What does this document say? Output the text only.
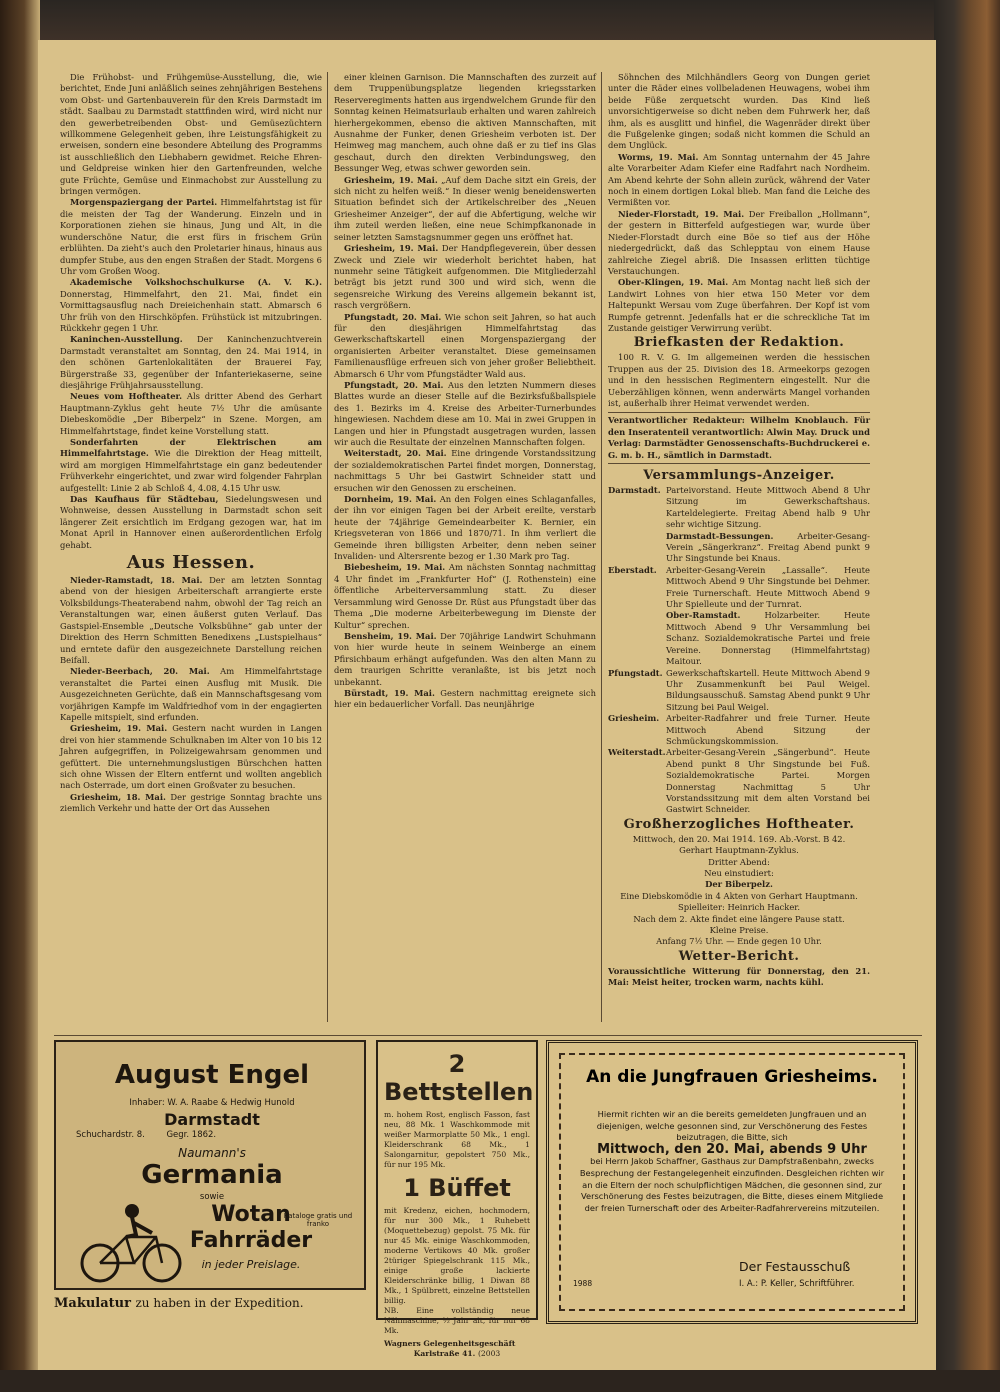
Die Frühobst- und Frühgemüse-Ausstellung, die, wie berichtet, Ende Juni anläßlich seines zehnjährigen Bestehens vom Obst- und Gartenbauverein für den Kreis Darmstadt im städt. Saalbau zu Darmstadt stattfinden wird, wird nicht nur den gewerbetreibenden Obst- und Gemüsezüchtern willkommene Gelegenheit geben, ihre Leistungsfähigkeit zu erweisen, sondern eine besondere Abteilung des Programms ist ausschließlich den Liebhabern gewidmet. Reiche Ehren- und Geldpreise winken hier den Gartenfreunden, welche gute Früchte, Gemüse und Einmachobst zur Ausstellung zu bringen vermögen.

Morgenspaziergang der Partei. Himmelfahrtstag ist für die meisten der Tag der Wanderung. Einzeln und in Korporationen ziehen sie hinaus, Jung und Alt, in die wunderschöne Natur, die erst fürs in frischem Grün erblühten. Da zieht's auch den Proletarier hinaus, hinaus aus dumpfer Stube, aus den engen Straßen der Stadt. Morgens 6 Uhr vom Großen Woog.

Akademische Volkshochschulkurse (A. V. K.). Donnerstag, Himmelfahrt, den 21. Mai, findet ein Vormittagsausflug nach Dreieichenhain statt. Abmarsch 6 Uhr früh von den Hirschköpfen. Frühstück ist mitzubringen. Rückkehr gegen 1 Uhr.

Kaninchen-Ausstellung. Der Kaninchenzuchtverein Darmstadt veranstaltet am Sonntag, den 24. Mai 1914, in den schönen Gartenlokalitäten der Brauerei Fay, Bürgerstraße 33, gegenüber der Infanteriekaserne, seine diesjährige Frühjahrsausstellung.

Neues vom Hoftheater. Als dritter Abend des Gerhart Hauptmann-Zyklus geht heute 7½ Uhr die amüsante Diebeskomödie „Der Biberpelz“ in Szene. Morgen, am Himmelfahrtstage, findet keine Vorstellung statt.

Sonderfahrten der Elektrischen am Himmelfahrtstage. Wie die Direktion der Heag mitteilt, wird am morgigen Himmelfahrtstage ein ganz bedeutender Frühverkehr eingerichtet, und zwar wird folgender Fahrplan aufgestellt: Linie 2 ab Schloß 4, 4.08, 4.15 Uhr usw.

Das Kaufhaus für Städtebau, Siedelungswesen und Wohnweise, dessen Ausstellung in Darmstadt schon seit längerer Zeit ersichtlich im Erdgang gezogen war, hat im Monat April in Hannover einen außerordentlichen Erfolg gehabt.

Aus Hessen.

Nieder-Ramstadt, 18. Mai. Der am letzten Sonntag abend von der hiesigen Arbeiterschaft arrangierte erste Volksbildungs-Theaterabend nahm, obwohl der Tag reich an Veranstaltungen war, einen äußerst guten Verlauf. Das Gastspiel-Ensemble „Deutsche Volksbühne“ gab unter der Direktion des Herrn Schmitten Benedixens „Lustspielhaus“ und erntete dafür den ausgezeichnete Darstellung reichen Beifall.

Nieder-Beerbach, 20. Mai. Am Himmelfahrtstage veranstaltet die Partei einen Ausflug mit Musik. Die Ausgezeichneten Gerüchte, daß ein Mannschaftsgesang vom vorjährigen Kampfe im Waldfriedhof vom in der engagierten Kapelle mitspielt, sind erfunden.

Griesheim, 19. Mai. Gestern nacht wurden in Langen drei von hier stammende Schulknaben im Alter von 10 bis 12 Jahren aufgegriffen, in Polizeigewahrsam genommen und gefüttert. Die unternehmungslustigen Bürschchen hatten sich ohne Wissen der Eltern entfernt und wollten angeblich nach Osterrade, um dort einen Großvater zu besuchen.

Griesheim, 18. Mai. Der gestrige Sonntag brachte uns ziemlich Verkehr und hatte der Ort das Aussehen

einer kleinen Garnison. Die Mannschaften des zurzeit auf dem Truppenübungsplatze liegenden kriegsstarken Reserveregiments hatten aus irgendwelchem Grunde für den Sonntag keinen Heimatsurlaub erhalten und waren zahlreich hierhergekommen, ebenso die aktiven Mannschaften, mit Ausnahme der Funker, denen Griesheim verboten ist. Der Heimweg mag manchem, auch ohne daß er zu tief ins Glas geschaut, durch den direkten Verbindungsweg, den Bessunger Weg, etwas schwer geworden sein.

Griesheim, 19. Mai. „Auf dem Dache sitzt ein Greis, der sich nicht zu helfen weiß.“ In dieser wenig beneidenswerten Situation befindet sich der Artikelschreiber des „Neuen Griesheimer Anzeiger“, der auf die Abfertigung, welche wir ihm zuteil werden ließen, eine neue Schimpfkanonade in seiner letzten Samstagsnummer gegen uns eröffnet hat.

Griesheim, 19. Mai. Der Handpflegeverein, über dessen Zweck und Ziele wir wiederholt berichtet haben, hat nunmehr seine Tätigkeit aufgenommen. Die Mitgliederzahl beträgt bis jetzt rund 300 und wird sich, wenn die segensreiche Wirkung des Vereins allgemein bekannt ist, rasch vergrößern.

Pfungstadt, 20. Mai. Wie schon seit Jahren, so hat auch für den diesjährigen Himmelfahrtstag das Gewerkschaftskartell einen Morgenspaziergang der organisierten Arbeiter veranstaltet. Diese gemeinsamen Familienausflüge erfreuen sich von jeher großer Beliebtheit. Abmarsch 6 Uhr vom Pfungstädter Wald aus.

Pfungstadt, 20. Mai. Aus den letzten Nummern dieses Blattes wurde an dieser Stelle auf die Bezirksfußballspiele des 1. Bezirks im 4. Kreise des Arbeiter-Turnerbundes hingewiesen. Nachdem diese am 10. Mai in zwei Gruppen in Langen und hier in Pfungstadt ausgetragen wurden, lassen wir auch die Resultate der einzelnen Mannschaften folgen.

Weiterstadt, 20. Mai. Eine dringende Vorstandssitzung der sozialdemokratischen Partei findet morgen, Donnerstag, nachmittags 5 Uhr bei Gastwirt Schneider statt und ersuchen wir den Genossen zu erscheinen.

Dornheim, 19. Mai. An den Folgen eines Schlaganfalles, der ihn vor einigen Tagen bei der Arbeit ereilte, verstarb heute der 74jährige Gemeindearbeiter K. Bernier, ein Kriegsveteran von 1866 und 1870/71. In ihm verliert die Gemeinde ihren billigsten Arbeiter, denn neben seiner Invaliden- und Altersrente bezog er 1.30 Mark pro Tag.

Biebesheim, 19. Mai. Am nächsten Sonntag nachmittag 4 Uhr findet im „Frankfurter Hof“ (J. Rothenstein) eine öffentliche Arbeiterversammlung statt. Zu dieser Versammlung wird Genosse Dr. Rüst aus Pfungstadt über das Thema „Die moderne Arbeiterbewegung im Dienste der Kultur“ sprechen.

Bensheim, 19. Mai. Der 70jährige Landwirt Schuhmann von hier wurde heute in seinem Weinberge an einem Pfirsichbaum erhängt aufgefunden. Was den alten Mann zu dem traurigen Schritte veranlaßte, ist bis jetzt noch unbekannt.

Bürstadt, 19. Mai. Gestern nachmittag ereignete sich hier ein bedauerlicher Vorfall. Das neunjährige

Söhnchen des Milchhändlers Georg von Dungen geriet unter die Räder eines vollbeladenen Heuwagens, wobei ihm beide Füße zerquetscht wurden. Das Kind ließ unvorsichtigerweise so dicht neben dem Fuhrwerk her, daß ihm, als es ausglitt und hinfiel, die Wagenräder direkt über die Fußgelenke gingen; sodaß nicht kommen die Schuld an dem Unglück.

Worms, 19. Mai. Am Sonntag unternahm der 45 Jahre alte Vorarbeiter Adam Kiefer eine Radfahrt nach Nordheim. Am Abend kehrte der Sohn allein zurück, während der Vater noch in einem dortigen Lokal blieb. Man fand die Leiche des Vermißten vor.

Nieder-Florstadt, 19. Mai. Der Freiballon „Hollmann“, der gestern in Bitterfeld aufgestiegen war, wurde über Nieder-Florstadt durch eine Böe so tief aus der Höhe niedergedrückt, daß das Schlepptau von einem Hause zahlreiche Ziegel abriß. Die Insassen erlitten tüchtige Verstauchungen.

Ober-Klingen, 19. Mai. Am Montag nacht ließ sich der Landwirt Lohnes von hier etwa 150 Meter vor dem Haltepunkt Wersau vom Zuge überfahren. Der Kopf ist vom Rumpfe getrennt. Jedenfalls hat er die schreckliche Tat im Zustande geistiger Verwirrung verübt.

Briefkasten der Redaktion.

100 R. V. G. Im allgemeinen werden die hessischen Truppen aus der 25. Division des 18. Armeekorps gezogen und in den hessischen Regimentern eingestellt. Nur die Ueberzähligen können, wenn anderwärts Mangel vorhanden ist, außerhalb ihrer Heimat verwendet werden.

Verantwortlicher Redakteur: Wilhelm Knoblauch. Für den Inseratenteil verantwortlich: Alwin May. Druck und Verlag: Darmstädter Genossenschafts-Buchdruckerei e. G. m. b. H., sämtlich in Darmstadt.

Versammlungs-Anzeiger.

Darmstadt. Parteivorstand. Heute Mittwoch Abend 8 Uhr Sitzung im Gewerkschaftshaus. Karteldelegierte. Freitag Abend halb 9 Uhr sehr wichtige Sitzung.

Darmstadt-Bessungen.	Arbeiter-Gesang-Verein „Sängerkranz“. Freitag Abend punkt 9 Uhr Singstunde bei Knaus.

Eberstadt. Arbeiter-Gesang-Verein „Lassalle“. Heute Mittwoch Abend 9 Uhr Singstunde bei Dehmer. Freie Turnerschaft. Heute Mittwoch Abend 9 Uhr Spielleute und der Turnrat.

Ober-Ramstadt.	Holzarbeiter. Heute Mittwoch Abend 9 Uhr Versammlung bei Schanz. Sozialdemokratische Partei und freie Vereine. Donnerstag (Himmelfahrtstag) Maitour.

Pfungstadt. Gewerkschaftskartell. Heute Mittwoch Abend 9 Uhr Zusammenkunft bei Paul Weigel. Bildungsausschuß. Samstag Abend punkt 9 Uhr Sitzung bei Paul Weigel.

Griesheim. Arbeiter-Radfahrer und freie Turner. Heute Mittwoch Abend Sitzung der Schmückungskommission.

Weiterstadt. Arbeiter-Gesang-Verein „Sängerbund“. Heute Abend punkt 8 Uhr Singstunde bei Fuß. Sozialdemokratische Partei. Morgen Donnerstag Nachmittag 5 Uhr Vorstandssitzung mit dem alten Vorstand bei Gastwirt Schneider.

Großherzogliches Hoftheater.

Mittwoch, den 20. Mai 1914. 169. Ab.-Vorst. B 42.
Gerhart Hauptmann-Zyklus.
Dritter Abend:
Neu einstudiert:
Der Biberpelz.
Eine Diebskomödie in 4 Akten von Gerhart Hauptmann.
Spielleiter: Heinrich Hacker.
Nach dem 2. Akte findet eine längere Pause statt.
Kleine Preise.
Anfang 7½ Uhr. — Ende gegen 10 Uhr.

Wetter-Bericht.

Voraussichtliche Witterung für Donnerstag, den 21. Mai: Meist heiter, trocken warm, nachts kühl.

August Engel
Inhaber: W. A. Raabe & Hedwig Hunold
Darmstadt
Schuchardstr. 8.	Gegr. 1862.
Naumann's
Germania
sowie
Wotan
Fahrräder
in jeder Preislage.
Kataloge gratis und franko
Makulatur zu haben in der Expedition.
2 Bettstellen
m. hohem Rost, englisch Fasson, fast neu, 88 Mk. 1 Waschkommode mit weißer Marmorplatte 50 Mk., 1 engl. Kleiderschrank 68 Mk., 1 Salongarnitur, gepolstert 750 Mk., für nur 195 Mk.
1 Büffet
mit Kredenz, eichen, hochmodern, für nur 300 Mk., 1 Ruhebett (Moquettebezug) gepolst. 75 Mk. für nur 45 Mk. einige Waschkommoden, moderne Vertikows 40 Mk. großer 2türiger Spiegelschrank 115 Mk., einige große lackierte Kleiderschränke billig, 1 Diwan 88 Mk., 1 Spülbrett, einzelne Bettstellen billig.
NB. Eine vollständig neue Nähmaschine, ½ Jahr alt, für nur 68 Mk.
Wagners Gelegenheitsgeschäft
Karlstraße 41. (2003
An die Jungfrauen Griesheims.
Hiermit richten wir an die bereits gemeldeten Jungfrauen und an diejenigen, welche gesonnen sind, zur Verschönerung des Festes beizutragen, die Bitte, sich
Mittwoch, den 20. Mai, abends 9 Uhr
bei Herrn Jakob Schaffner, Gasthaus zur Dampfstraßenbahn, zwecks Besprechung der Festangelegenheit einzufinden. Desgleichen richten wir an die Eltern der noch schulpflichtigen Mädchen, die gesonnen sind, zur Verschönerung des Festes beizutragen, die Bitte, dieses einem Mitgliede der freien Turnerschaft oder des Arbeiter-Radfahrervereins mitzuteilen.
Der Festausschuß
I. A.: P. Keller, Schriftführer.
1988
